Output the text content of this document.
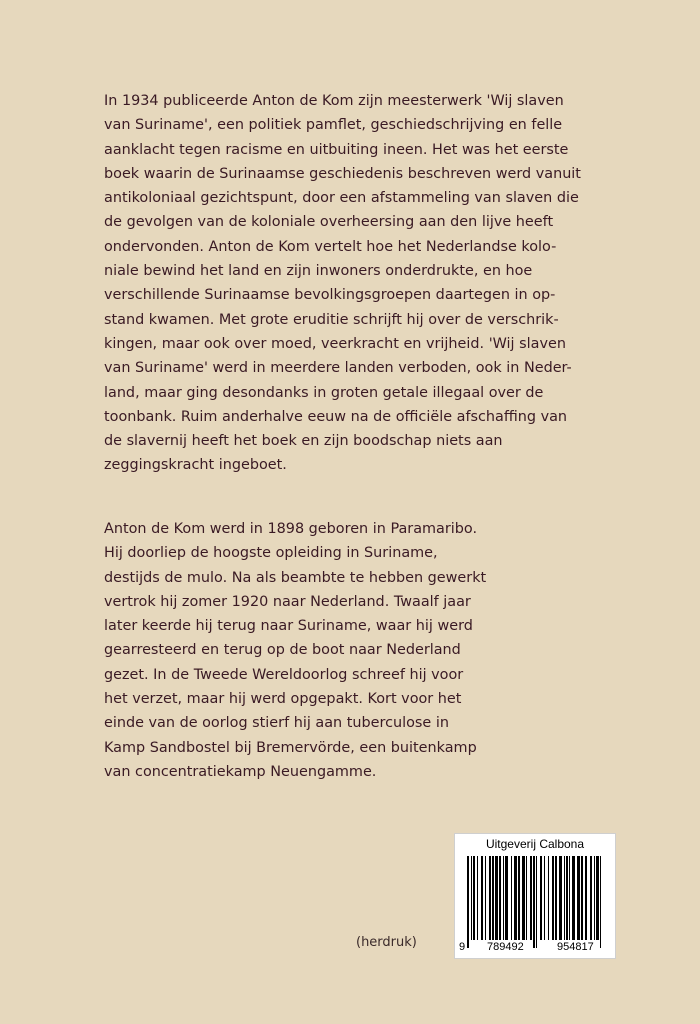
In 1934 publiceerde Anton de Kom zijn meesterwerk 'Wij slaven
van Suriname', een politiek pamflet, geschiedschrijving en felle
aanklacht tegen racisme en uitbuiting ineen. Het was het eerste
boek waarin de Surinaamse geschiedenis beschreven werd vanuit
antikoloniaal gezichtspunt, door een afstammeling van slaven die
de gevolgen van de koloniale overheersing aan den lijve heeft
ondervonden. Anton de Kom vertelt hoe het Nederlandse kolo-
niale bewind het land en zijn inwoners onderdrukte, en hoe
verschillende Surinaamse bevolkingsgroepen daartegen in op-
stand kwamen. Met grote eruditie schrijft hij over de verschrik-
kingen, maar ook over moed, veerkracht en vrijheid. 'Wij slaven
van Suriname' werd in meerdere landen verboden, ook in Neder-
land, maar ging desondanks in groten getale illegaal over de
toonbank. Ruim anderhalve eeuw na de officiële afschaffing van
de slavernij heeft het boek en zijn boodschap niets aan
zeggingskracht ingeboet.
Anton de Kom werd in 1898 geboren in Paramaribo.
Hij doorliep de hoogste opleiding in Suriname,
destijds de mulo. Na als beambte te hebben gewerkt
vertrok hij zomer 1920 naar Nederland. Twaalf jaar
later keerde hij terug naar Suriname, waar hij werd
gearresteerd en terug op de boot naar Nederland
gezet. In de Tweede Wereldoorlog schreef hij voor
het verzet, maar hij werd opgepakt. Kort voor het
einde van de oorlog stierf hij aan tuberculose in
Kamp Sandbostel bij Bremervörde, een buitenkamp
van concentratiekamp Neuengamme.
(herdruk)
Uitgeverij Calbona
9 789492	954817
